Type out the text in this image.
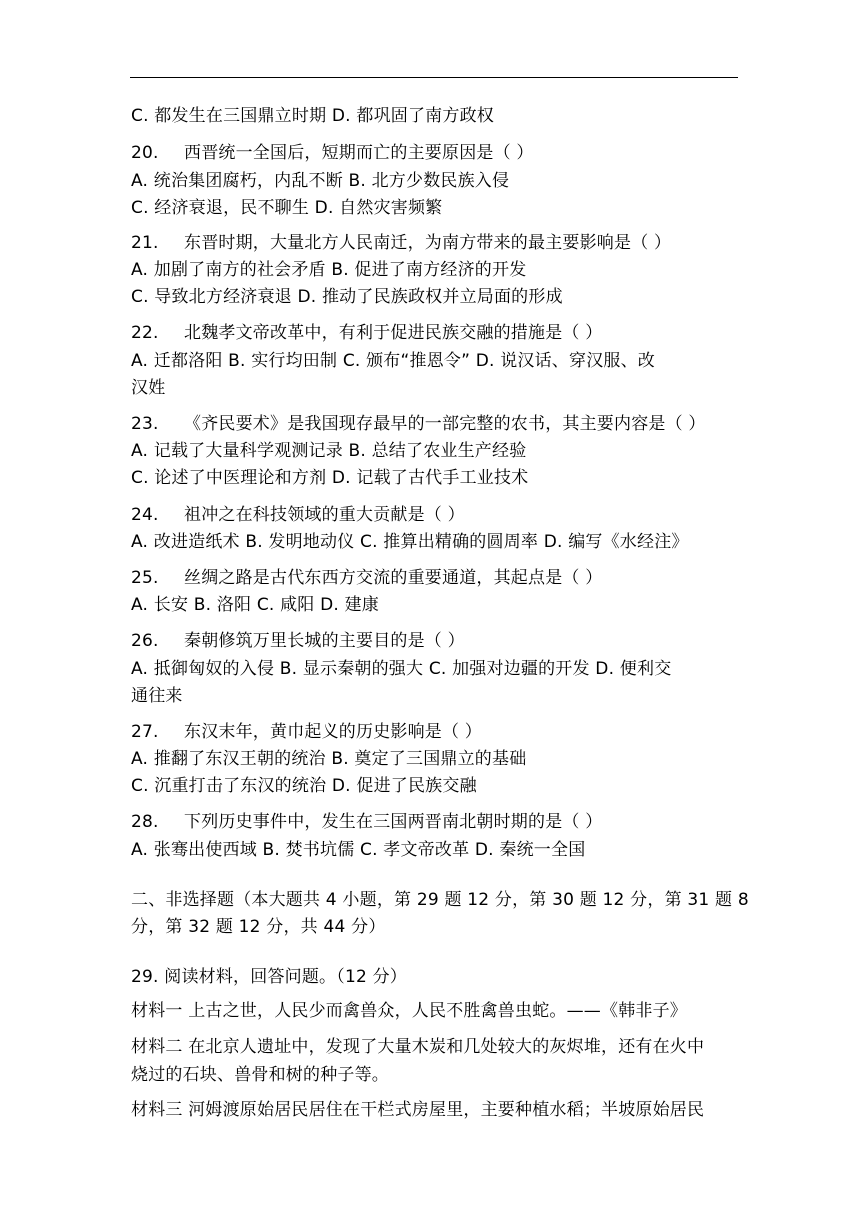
C. 都发生在三国鼎立时期 D. 都巩固了南方政权
20. 西晋统一全国后，短期而亡的主要原因是（ ）
A. 统治集团腐朽，内乱不断 B. 北方少数民族入侵
C. 经济衰退，民不聊生 D. 自然灾害频繁
21. 东晋时期，大量北方人民南迁，为南方带来的最主要影响是（ ）
A. 加剧了南方的社会矛盾 B. 促进了南方经济的开发
C. 导致北方经济衰退 D. 推动了民族政权并立局面的形成
22. 北魏孝文帝改革中，有利于促进民族交融的措施是（ ）
A. 迁都洛阳 B. 实行均田制 C. 颁布“推恩令” D. 说汉话、穿汉服、改
汉姓
23. 《齐民要术》是我国现存最早的一部完整的农书，其主要内容是（ ）
A. 记载了大量科学观测记录 B. 总结了农业生产经验
C. 论述了中医理论和方剂 D. 记载了古代手工业技术
24. 祖冲之在科技领域的重大贡献是（ ）
A. 改进造纸术 B. 发明地动仪 C. 推算出精确的圆周率 D. 编写《水经注》
25. 丝绸之路是古代东西方交流的重要通道，其起点是（ ）
A. 长安 B. 洛阳 C. 咸阳 D. 建康
26. 秦朝修筑万里长城的主要目的是（ ）
A. 抵御匈奴的入侵 B. 显示秦朝的强大 C. 加强对边疆的开发 D. 便利交
通往来
27. 东汉末年，黄巾起义的历史影响是（ ）
A. 推翻了东汉王朝的统治 B. 奠定了三国鼎立的基础
C. 沉重打击了东汉的统治 D. 促进了民族交融
28. 下列历史事件中，发生在三国两晋南北朝时期的是（ ）
A. 张骞出使西域 B. 焚书坑儒 C. 孝文帝改革 D. 秦统一全国
二、非选择题（本大题共 4 小题，第 29 题 12 分，第 30 题 12 分，第 31 题 8
分，第 32 题 12 分，共 44 分）
29. 阅读材料，回答问题。（12 分）
材料一 上古之世，人民少而禽兽众，人民不胜禽兽虫蛇。——《韩非子》
材料二 在北京人遗址中，发现了大量木炭和几处较大的灰烬堆，还有在火中
烧过的石块、兽骨和树的种子等。
材料三 河姆渡原始居民居住在干栏式房屋里，主要种植水稻；半坡原始居民
